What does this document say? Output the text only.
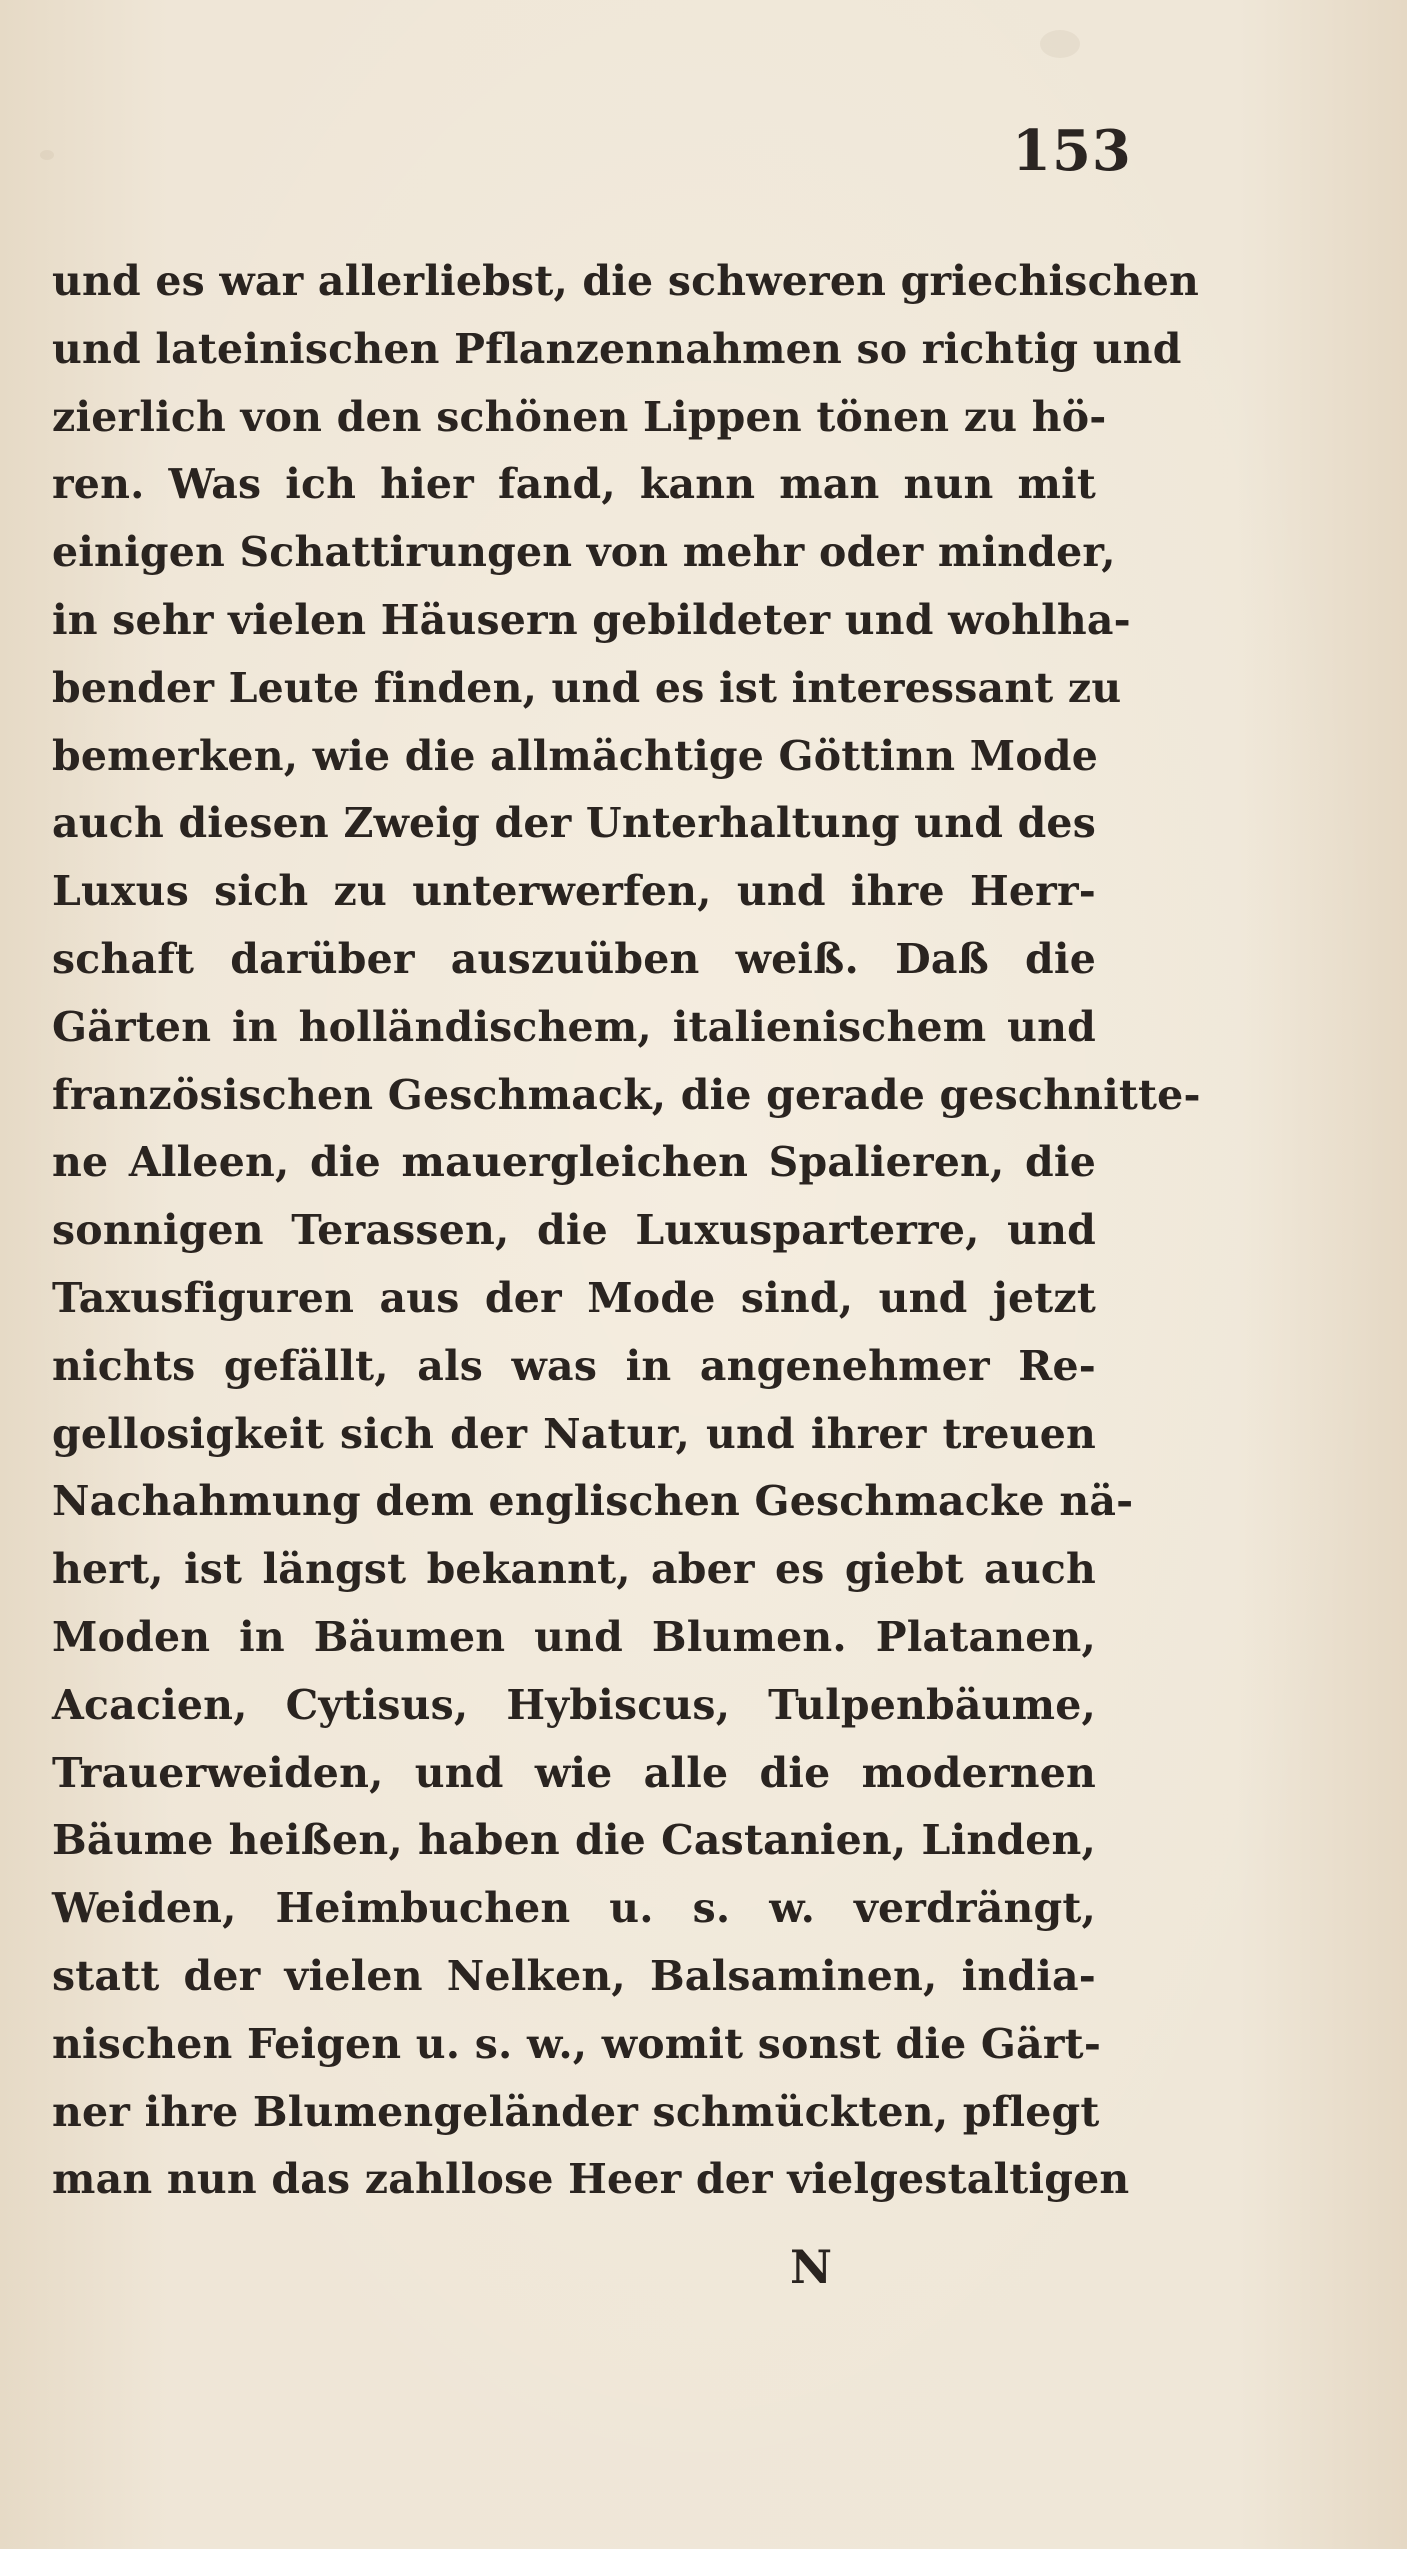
153
und es war allerliebst, die schweren griechischen
und lateinischen Pflanzennahmen so richtig und
zierlich von den schönen Lippen tönen zu hö-
ren. Was ich hier fand, kann man nun mit
einigen Schattirungen von mehr oder minder,
in sehr vielen Häusern gebildeter und wohlha-
bender Leute finden, und es ist interessant zu
bemerken, wie die allmächtige Göttinn Mode
auch diesen Zweig der Unterhaltung und des
Luxus sich zu unterwerfen, und ihre Herr-
schaft darüber auszuüben weiß. Daß die
Gärten in holländischem, italienischem und
französischen Geschmack, die gerade geschnitte-
ne Alleen, die mauergleichen Spalieren, die
sonnigen Terassen, die Luxusparterre, und
Taxusfiguren aus der Mode sind, und jetzt
nichts gefällt, als was in angenehmer Re-
gellosigkeit sich der Natur, und ihrer treuen
Nachahmung dem englischen Geschmacke nä-
hert, ist längst bekannt, aber es giebt auch
Moden in Bäumen und Blumen. Platanen,
Acacien, Cytisus, Hybiscus, Tulpenbäume,
Trauerweiden, und wie alle die modernen
Bäume heißen, haben die Castanien, Linden,
Weiden, Heimbuchen u. s. w. verdrängt,
statt der vielen Nelken, Balsaminen, india-
nischen Feigen u. s. w., womit sonst die Gärt-
ner ihre Blumengeländer schmückten, pflegt
man nun das zahllose Heer der vielgestaltigen
N
